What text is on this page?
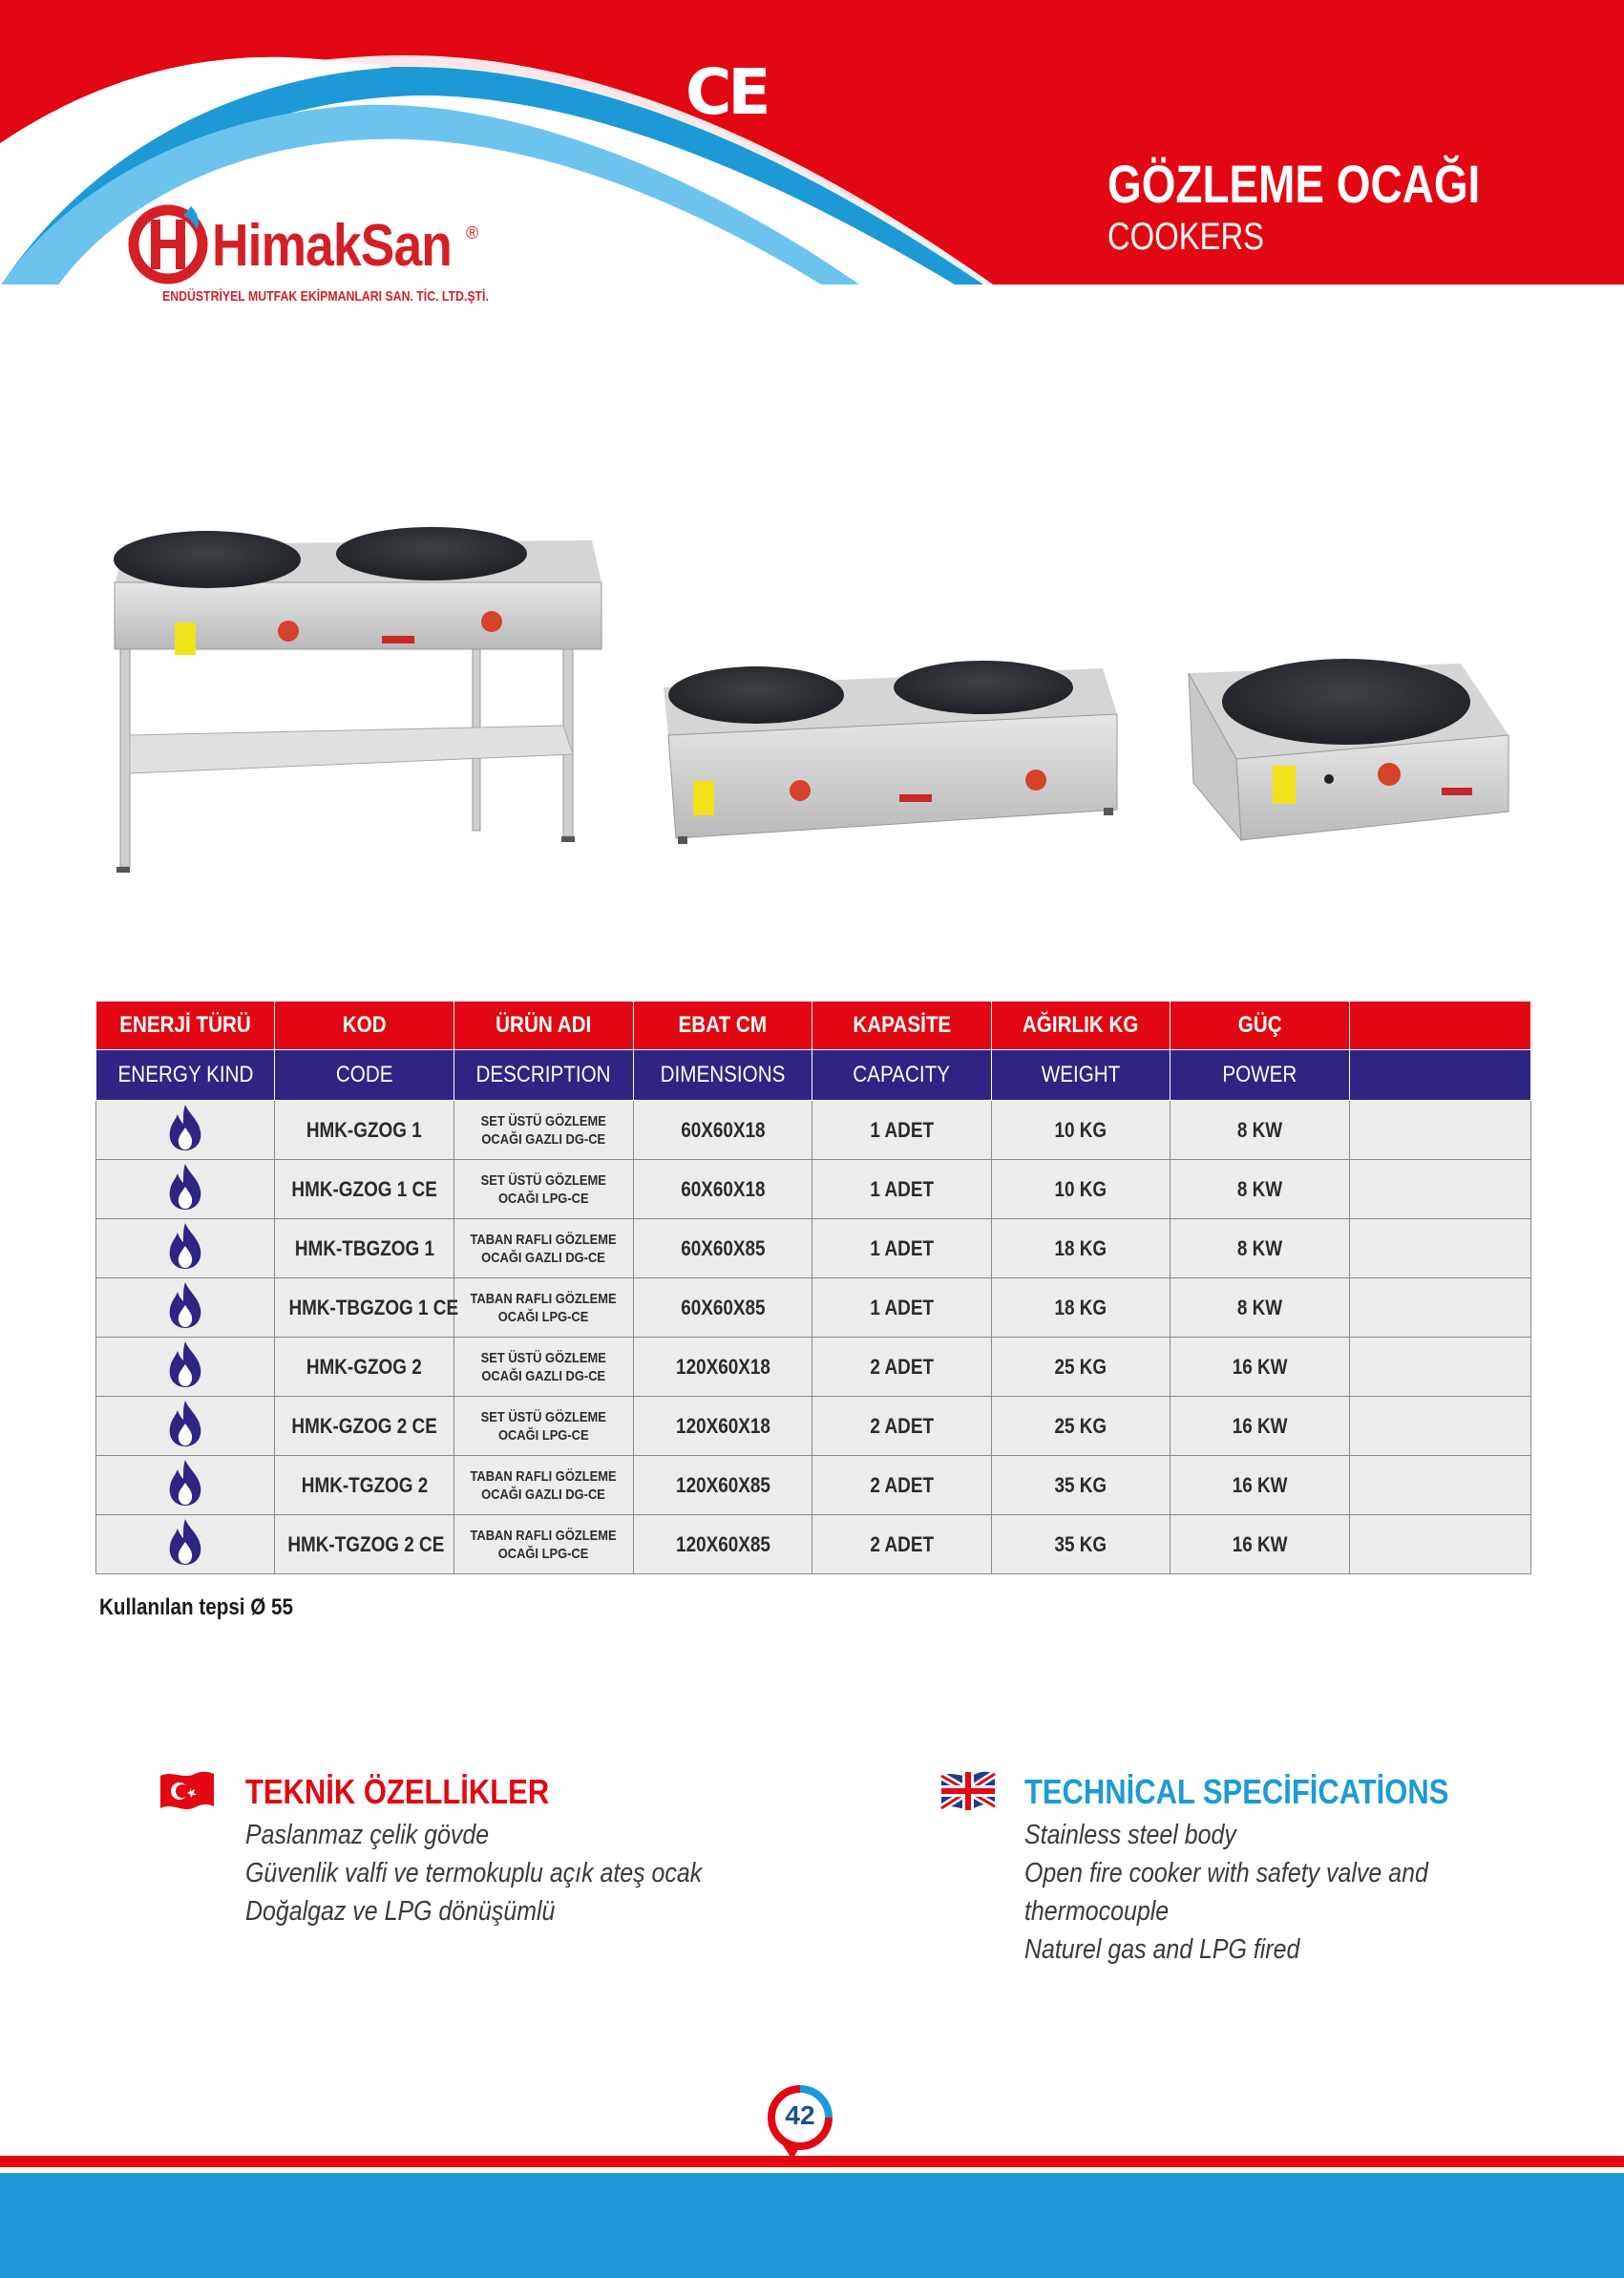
CE
GÖZLEME OCAĞI
COOKERS
HimakSan ®
ENDÜSTRİYEL MUTFAK EKİPMANLARI SAN. TİC. LTD.ŞTİ.
ENERJİ TÜRÜ	KOD	ÜRÜN ADI	EBAT CM	KAPASİTE	AĞIRLIK KG	GÜÇ	
ENERGY KIND	CODE	DESCRIPTION	DIMENSIONS	CAPACITY	WEIGHT	POWER	
	HMK-GZOG 1	SET ÜSTÜ GÖZLEME
OCAĞI GAZLI DG-CE	60X60X18	1 ADET	10 KG	8 KW	
	HMK-GZOG 1 CE	SET ÜSTÜ GÖZLEME
OCAĞI LPG-CE	60X60X18	1 ADET	10 KG	8 KW	
	HMK-TBGZOG 1	TABAN RAFLI GÖZLEME
OCAĞI GAZLI DG-CE	60X60X85	1 ADET	18 KG	8 KW	
	HMK-TBGZOG 1 CE	TABAN RAFLI GÖZLEME
OCAĞI LPG-CE	60X60X85	1 ADET	18 KG	8 KW	
	HMK-GZOG 2	SET ÜSTÜ GÖZLEME
OCAĞI GAZLI DG-CE	120X60X18	2 ADET	25 KG	16 KW	
	HMK-GZOG 2 CE	SET ÜSTÜ GÖZLEME
OCAĞI LPG-CE	120X60X18	2 ADET	25 KG	16 KW	
	HMK-TGZOG 2	TABAN RAFLI GÖZLEME
OCAĞI GAZLI DG-CE	120X60X85	2 ADET	35 KG	16 KW	
	HMK-TGZOG 2 CE	TABAN RAFLI GÖZLEME
OCAĞI LPG-CE	120X60X85	2 ADET	35 KG	16 KW	
Kullanılan tepsi Ø 55
TEKNİK ÖZELLİKLER
Paslanmaz çelik gövde
Güvenlik valfi ve termokuplu açık ateş ocak
Doğalgaz ve LPG dönüşümlü
TECHNİCAL SPECİFİCATİONS
Stainless steel body
Open fire cooker with safety valve and
thermocouple
Naturel gas and LPG fired
42
